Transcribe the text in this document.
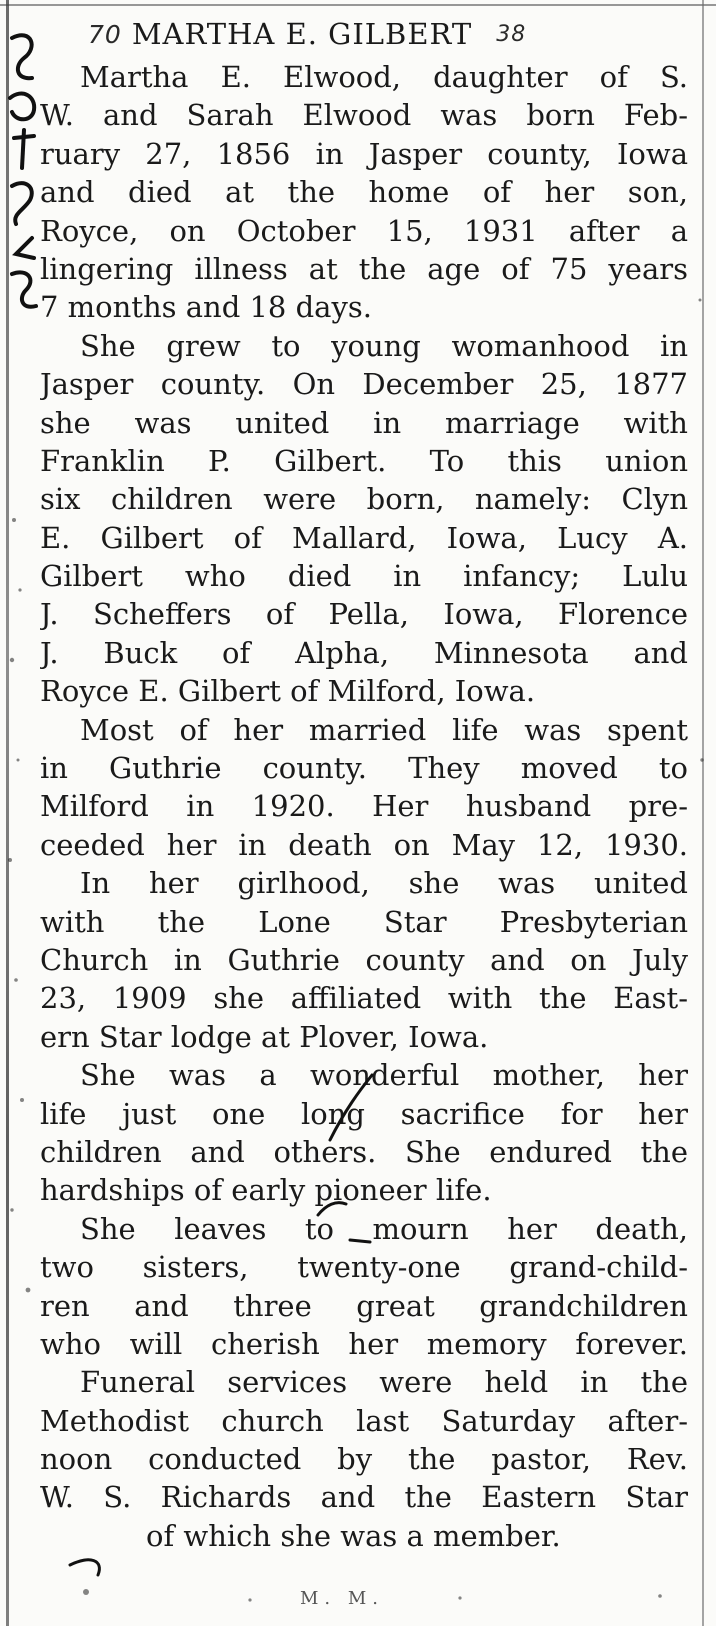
70 MARTHA E. GILBERT 38
Martha E. Elwood, daughter of S.
W. and Sarah Elwood was born Feb-
ruary 27, 1856 in Jasper county, Iowa
and died at the home of her son,
Royce, on October 15, 1931 after a
lingering illness at the age of 75 years
7 months and 18 days.
She grew to young womanhood in
Jasper county. On December 25, 1877
she was united in marriage with
Franklin P. Gilbert. To this union
six children were born, namely: Clyn
E. Gilbert of Mallard, Iowa, Lucy A.
Gilbert who died in infancy; Lulu
J. Scheffers of Pella, Iowa, Florence
J. Buck of Alpha, Minnesota and
Royce E. Gilbert of Milford, Iowa.
Most of her married life was spent
in Guthrie county. They moved to
Milford in 1920. Her husband pre-
ceeded her in death on May 12, 1930.
In her girlhood, she was united
with the Lone Star Presbyterian
Church in Guthrie county and on July
23, 1909 she affiliated with the East-
ern Star lodge at Plover, Iowa.
She was a wonderful mother, her
life just one long sacrifice for her
children and others. She endured the
hardships of early pioneer life.
She leaves to mourn her death,
two sisters, twenty-one grand-child-
ren and three great grandchildren
who will cherish her memory forever.
Funeral services were held in the
Methodist church last Saturday after-
noon conducted by the pastor, Rev.
W. S. Richards and the Eastern Star
of which she was a member.
M. M.
